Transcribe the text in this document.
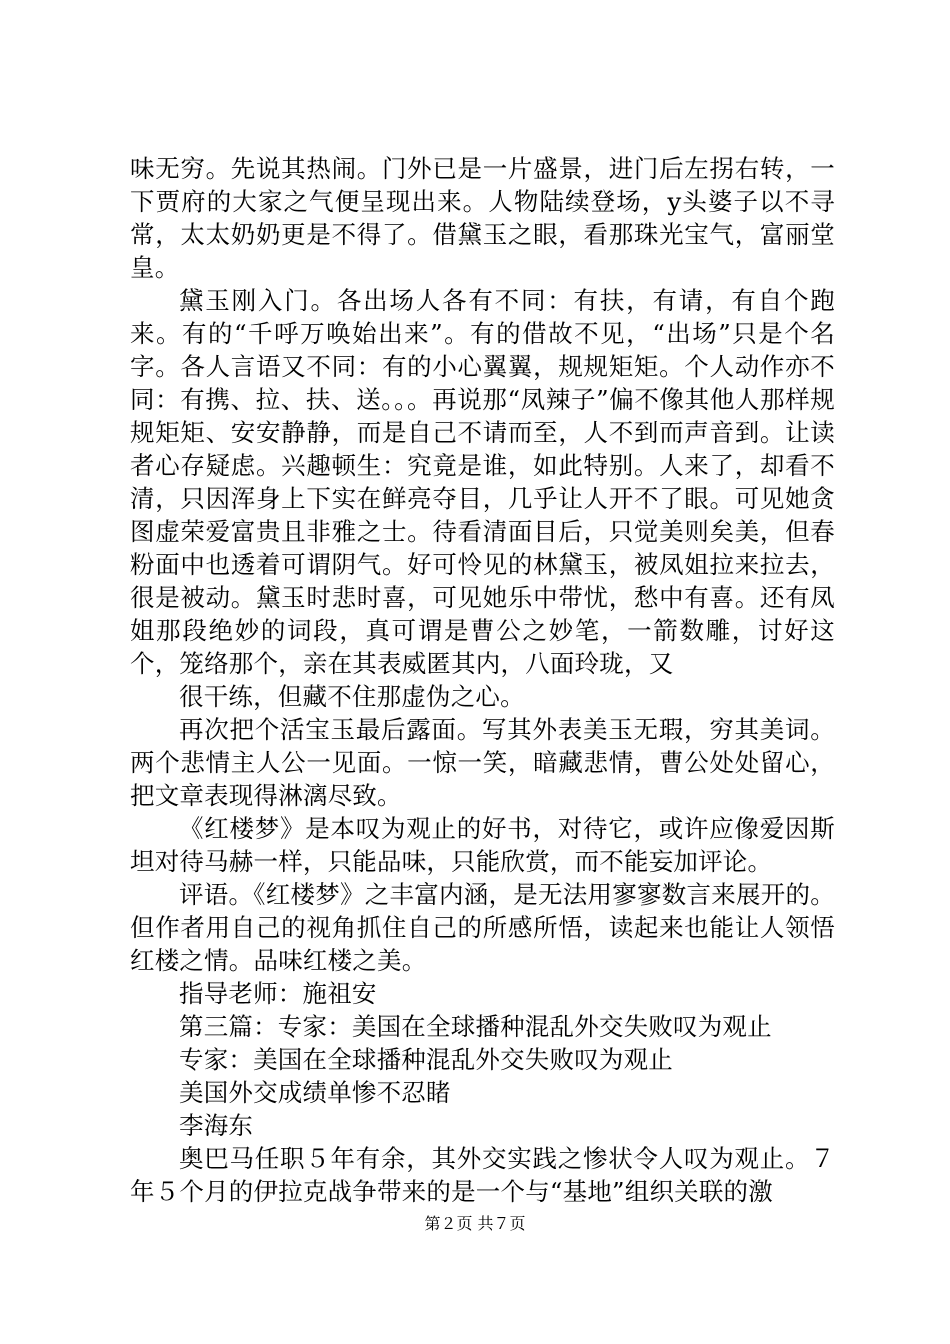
味无穷。先说其热闹。门外已是一片盛景，进门后左拐右转，一下贾府的大家之气便呈现出来。人物陆续登场，y头婆子以不寻常，太太奶奶更是不得了。借黛玉之眼，看那珠光宝气，富丽堂皇。

黛玉刚入门。各出场人各有不同：有扶，有请，有自个跑来。有的“千呼万唤始出来”。有的借故不见，“出场”只是个名字。各人言语又不同：有的小心翼翼，规规矩矩。个人动作亦不同：有携、拉、扶、送。。。再说那“凤辣子”偏不像其他人那样规规矩矩、安安静静，而是自己不请而至，人不到而声音到。让读者心存疑虑。兴趣顿生：究竟是谁，如此特别。人来了，却看不清，只因浑身上下实在鲜亮夺目，几乎让人开不了眼。可见她贪图虚荣爱富贵且非雅之士。待看清面目后，只觉美则矣美，但春粉面中也透着可谓阴气。好可怜见的林黛玉，被凤姐拉来拉去，很是被动。黛玉时悲时喜，可见她乐中带忧，愁中有喜。还有凤姐那段绝妙的词段，真可谓是曹公之妙笔，一箭数雕，讨好这个，笼络那个，亲在其表威匿其内，八面玲珑，又

很干练，但藏不住那虚伪之心。

再次把个活宝玉最后露面。写其外表美玉无瑕，穷其美词。两个悲情主人公一见面。一惊一笑，暗藏悲情，曹公处处留心，把文章表现得淋漓尽致。

《红楼梦》是本叹为观止的好书，对待它，或许应像爱因斯坦对待马赫一样，只能品味，只能欣赏，而不能妄加评论。

评语。《红楼梦》之丰富内涵，是无法用寥寥数言来展开的。但作者用自己的视角抓住自己的所感所悟，读起来也能让人领悟红楼之情。品味红楼之美。

指导老师：施祖安

第三篇：专家：美国在全球播种混乱外交失败叹为观止

专家：美国在全球播种混乱外交失败叹为观止

美国外交成绩单惨不忍睹

李海东

奥巴马任职５年有余，其外交实践之惨状令人叹为观止。７年５个月的伊拉克战争带来的是一个与“基地”组织关联的激

第２页 共７页
